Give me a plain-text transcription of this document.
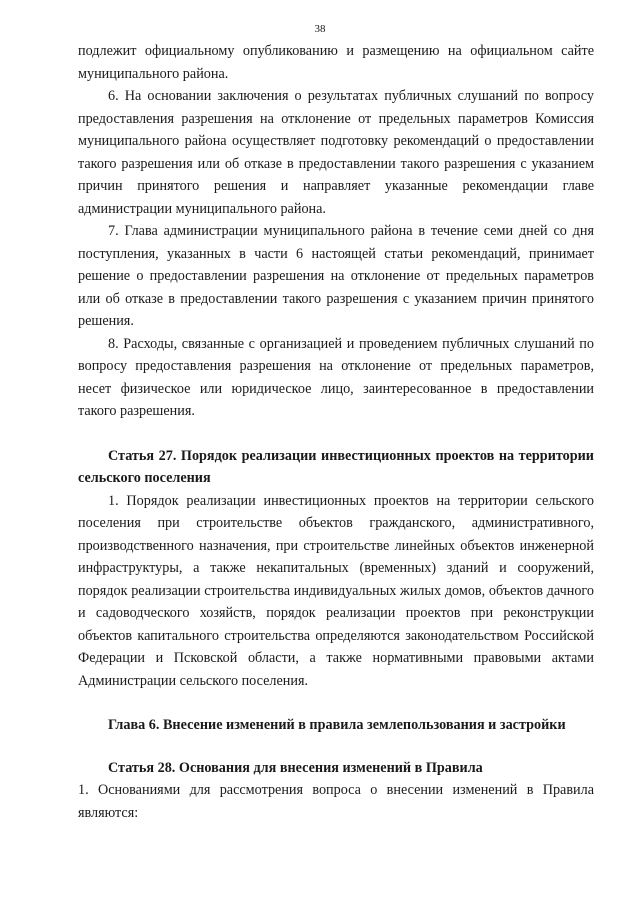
38

подлежит официальному опубликованию и размещению на официальном сайте муниципального района.

6. На основании заключения о результатах публичных слушаний по вопросу предоставления разрешения на отклонение от предельных параметров Комиссия муниципального района осуществляет подготовку рекомендаций о предоставлении такого разрешения или об отказе в предоставлении такого разрешения с указанием причин принятого решения и направляет указанные рекомендации главе администрации муниципального района.

7. Глава администрации муниципального района в течение семи дней со дня поступления, указанных в части 6 настоящей статьи рекомендаций, принимает решение о предоставлении разрешения на отклонение от предельных параметров или об отказе в предоставлении такого разрешения с указанием причин принятого решения.

8. Расходы, связанные с организацией и проведением публичных слушаний по вопросу предоставления разрешения на отклонение от предельных параметров, несет физическое или юридическое лицо, заинтересованное в предоставлении такого разрешения.

Статья 27. Порядок реализации инвестиционных проектов на территории сельского поселения

1. Порядок реализации инвестиционных проектов на территории сельского поселения при строительстве объектов гражданского, административного, производственного назначения, при строительстве линейных объектов инженерной инфраструктуры, а также некапитальных (временных) зданий и сооружений, порядок реализации строительства индивидуальных жилых домов, объектов дачного и садоводческого хозяйств, порядок реализации проектов при реконструкции объектов капитального строительства определяются законодательством Российской Федерации и Псковской области, а также нормативными правовыми актами Администрации сельского поселения.

Глава 6. Внесение изменений в правила землепользования и застройки

Статья 28. Основания для внесения изменений в Правила

1. Основаниями для рассмотрения вопроса о внесении изменений в Правила являются:
